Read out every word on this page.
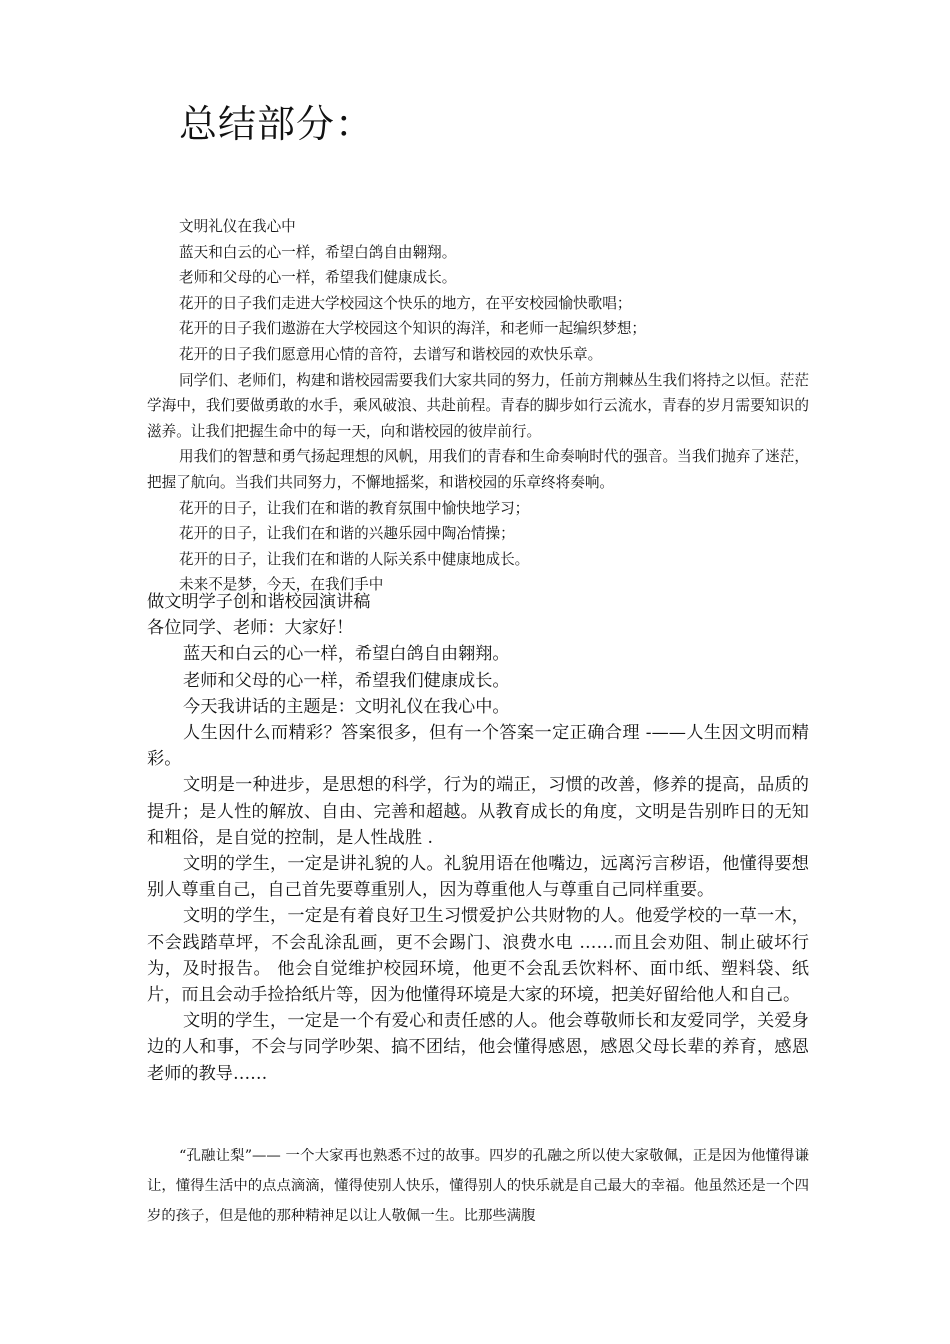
总结部分：

文明礼仪在我心中

蓝天和白云的心一样，希望白鸽自由翱翔。

老师和父母的心一样，希望我们健康成长。

花开的日子我们走进大学校园这个快乐的地方，在平安校园愉快歌唱；

花开的日子我们遨游在大学校园这个知识的海洋，和老师一起编织梦想；

花开的日子我们愿意用心情的音符，去谱写和谐校园的欢快乐章。

同学们、老师们，构建和谐校园需要我们大家共同的努力，任前方荆棘丛生我们将持之以恒。茫茫学海中，我们要做勇敢的水手，乘风破浪、共赴前程。青春的脚步如行云流水，青春的岁月需要知识的滋养。让我们把握生命中的每一天，向和谐校园的彼岸前行。

用我们的智慧和勇气扬起理想的风帆，用我们的青春和生命奏响时代的强音。当我们抛弃了迷茫，把握了航向。当我们共同努力，不懈地摇桨，和谐校园的乐章终将奏响。

花开的日子，让我们在和谐的教育氛围中愉快地学习；

花开的日子，让我们在和谐的兴趣乐园中陶冶情操；

花开的日子，让我们在和谐的人际关系中健康地成长。

未来不是梦，今天，在我们手中

做文明学子创和谐校园演讲稿

各位同学、老师：大家好！

蓝天和白云的心一样，希望白鸽自由翱翔。

老师和父母的心一样，希望我们健康成长。

今天我讲话的主题是：文明礼仪在我心中。

人生因什么而精彩？答案很多，但有一个答案一定正确合理 -——人生因文明而精彩。

文明是一种进步，是思想的科学，行为的端正，习惯的改善，修养的提高，品质的提升；是人性的解放、自由、完善和超越。从教育成长的角度，文明是告别昨日的无知和粗俗，是自觉的控制，是人性战胜 .

文明的学生，一定是讲礼貌的人。礼貌用语在他嘴边，远离污言秽语，他懂得要想别人尊重自己，自己首先要尊重别人，因为尊重他人与尊重自己同样重要。

文明的学生，一定是有着良好卫生习惯爱护公共财物的人。他爱学校的一草一木，不会践踏草坪，不会乱涂乱画，更不会踢门、浪费水电 ……而且会劝阻、制止破坏行为，及时报告。 他会自觉维护校园环境，他更不会乱丢饮料杯、面巾纸、塑料袋、纸片，而且会动手捡拾纸片等，因为他懂得环境是大家的环境，把美好留给他人和自己。

文明的学生，一定是一个有爱心和责任感的人。他会尊敬师长和友爱同学，关爱身边的人和事，不会与同学吵架、搞不团结，他会懂得感恩，感恩父母长辈的养育，感恩老师的教导……

“孔融让梨”—— 一个大家再也熟悉不过的故事。四岁的孔融之所以使大家敬佩，正是因为他懂得谦让，懂得生活中的点点滴滴，懂得使别人快乐，懂得别人的快乐就是自己最大的幸福。他虽然还是一个四岁的孩子，但是他的那种精神足以让人敬佩一生。比那些满腹
